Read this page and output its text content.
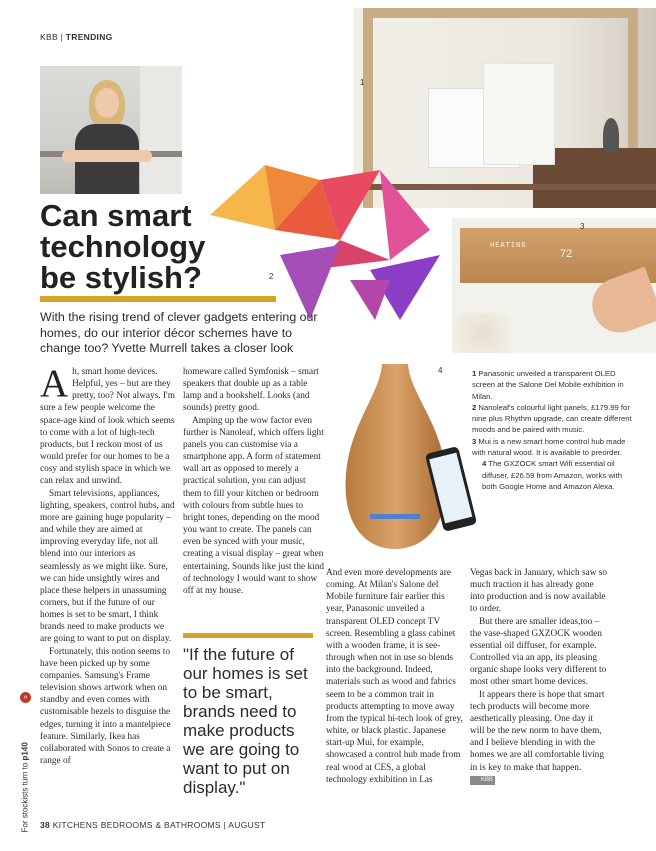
KBB | TRENDING
1
2
Can smart technology be stylish?
HEATING
72
3
With the rising trend of clever gadgets entering our homes, do our interior décor schemes have to change too? Yvette Murrell takes a closer look
4

Ah, smart home devices. Helpful, yes – but are they pretty, too? Not always. I'm sure a few people welcome the space-age kind of look which seems to come with a lot of high-tech products, but I reckon most of us would prefer for our homes to be a cosy and stylish space in which we can relax and unwind.

Smart televisions, appliances, lighting, speakers, control hubs, and more are gaining huge popularity – and while they are aimed at improving everyday life, not all blend into our interiors as seamlessly as we might like. Sure, we can hide unsightly wires and place these helpers in unassuming corners, but if the future of our homes is set to be smart, I think brands need to make products we are going to want to put on display.

Fortunately, this notion seems to have been picked up by some companies. Samsung's Frame television shows artwork when on standby and even comes with customisable bezels to disguise the edges, turning it into a mantelpiece feature. Similarly, Ikea has collaborated with Sonos to create a range of

homeware called Symfonisk – smart speakers that double up as a table lamp and a bookshelf. Looks (and sounds) pretty good.

Amping up the wow factor even further is Nanoleaf, which offers light panels you can customise via a smartphone app. A form of statement wall art as opposed to merely a practical solution, you can adjust them to fill your kitchen or bedroom with colours from subtle hues to bright tones, depending on the mood you want to create. The panels can even be synced with your music, creating a visual display – great when entertaining. Sounds like just the kind of technology I would want to show off at my house.

"If the future of our homes is set to be smart, brands need to make products we are going to want to put on display."

And even more developments are coming. At Milan's Salone del Mobile furniture fair earlier this year, Panasonic unveiled a transparent OLED concept TV screen. Resembling a glass cabinet with a wooden frame, it is see-through when not in use so blends into the background. Indeed, materials such as wood and fabrics seem to be a common trait in products attempting to move away from the typical hi-tech look of grey, white, or black plastic. Japanese start-up Mui, for example, showcased a control hub made from real wood at CES, a global technology exhibition in Las

Vegas back in January, which saw so much traction it has already gone into production and is now available to order.

But there are smaller ideas,too – the vase-shaped GXZOCK wooden essential oil diffuser, for example. Controlled via an app, its pleasing organic shape looks very different to most other smart home devices.

It appears there is hope that smart tech products will become more aesthetically pleasing. One day it will be the new norm to have them, and I believe blending in with the homes we are all comfortable living in is key to make that happen. KBB

1 Panasonic unveiled a transparent OLED screen at the Salone Del Mobile exhibition in Milan.
2 Nanoleaf's colourful light panels, £179.99 for nine plus Rhythm upgrade, can create different moods and be paired with music.
3 Mui is a new smart home control hub made with natural wood. It is available to preorder.
4 The GXZOCK smart Wifi essential oil diffuser, £26.59 from Amazon, works with both Google Home and Amazon Alexa.
»
For stockists turn to p140
38 KITCHENS BEDROOMS & BATHROOMS | AUGUST
